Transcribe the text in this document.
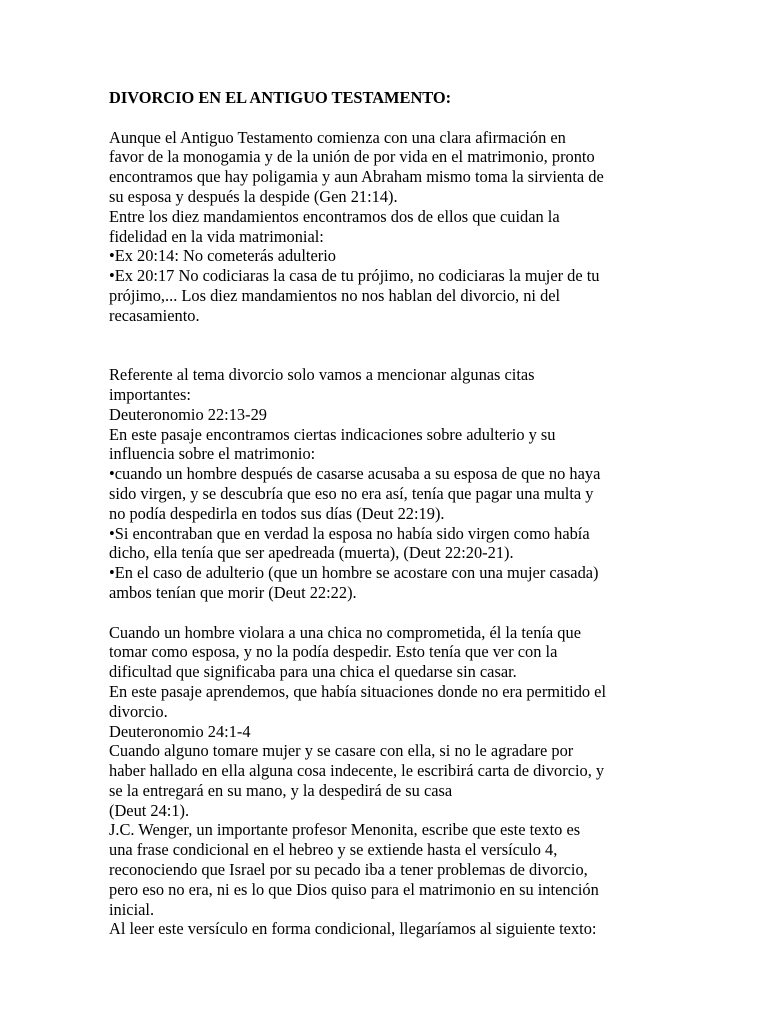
DIVORCIO EN EL ANTIGUO TESTAMENTO:
Aunque el Antiguo Testamento comienza con una clara afirmación en
favor de la monogamia y de la unión de por vida en el matrimonio, pronto
encontramos que hay poligamia y aun Abraham mismo toma la sirvienta de
su esposa y después la despide (Gen 21:14).
Entre los diez mandamientos encontramos dos de ellos que cuidan la
fidelidad en la vida matrimonial:
•Ex 20:14: No cometerás adulterio
•Ex 20:17 No codiciaras la casa de tu prójimo, no codiciaras la mujer de tu
prójimo,... Los diez mandamientos no nos hablan del divorcio, ni del
recasamiento.
Referente al tema divorcio solo vamos a mencionar algunas citas
importantes:
Deuteronomio 22:13-29
En este pasaje encontramos ciertas indicaciones sobre adulterio y su
influencia sobre el matrimonio:
•cuando un hombre después de casarse acusaba a su esposa de que no haya
sido virgen, y se descubría que eso no era así, tenía que pagar una multa y
no podía despedirla en todos sus días (Deut 22:19).
•Si encontraban que en verdad la esposa no había sido virgen como había
dicho, ella tenía que ser apedreada (muerta), (Deut 22:20-21).
•En el caso de adulterio (que un hombre se acostare con una mujer casada)
ambos tenían que morir (Deut 22:22).
Cuando un hombre violara a una chica no comprometida, él la tenía que
tomar como esposa, y no la podía despedir. Esto tenía que ver con la
dificultad que significaba para una chica el quedarse sin casar.
En este pasaje aprendemos, que había situaciones donde no era permitido el
divorcio.
Deuteronomio 24:1-4
Cuando alguno tomare mujer y se casare con ella, si no le agradare por
haber hallado en ella alguna cosa indecente, le escribirá carta de divorcio, y
se la entregará en su mano, y la despedirá de su casa
(Deut 24:1).
J.C. Wenger, un importante profesor Menonita, escribe que este texto es
una frase condicional en el hebreo y se extiende hasta el versículo 4,
reconociendo que Israel por su pecado iba a tener problemas de divorcio,
pero eso no era, ni es lo que Dios quiso para el matrimonio en su intención
inicial.
Al leer este versículo en forma condicional, llegaríamos al siguiente texto:
